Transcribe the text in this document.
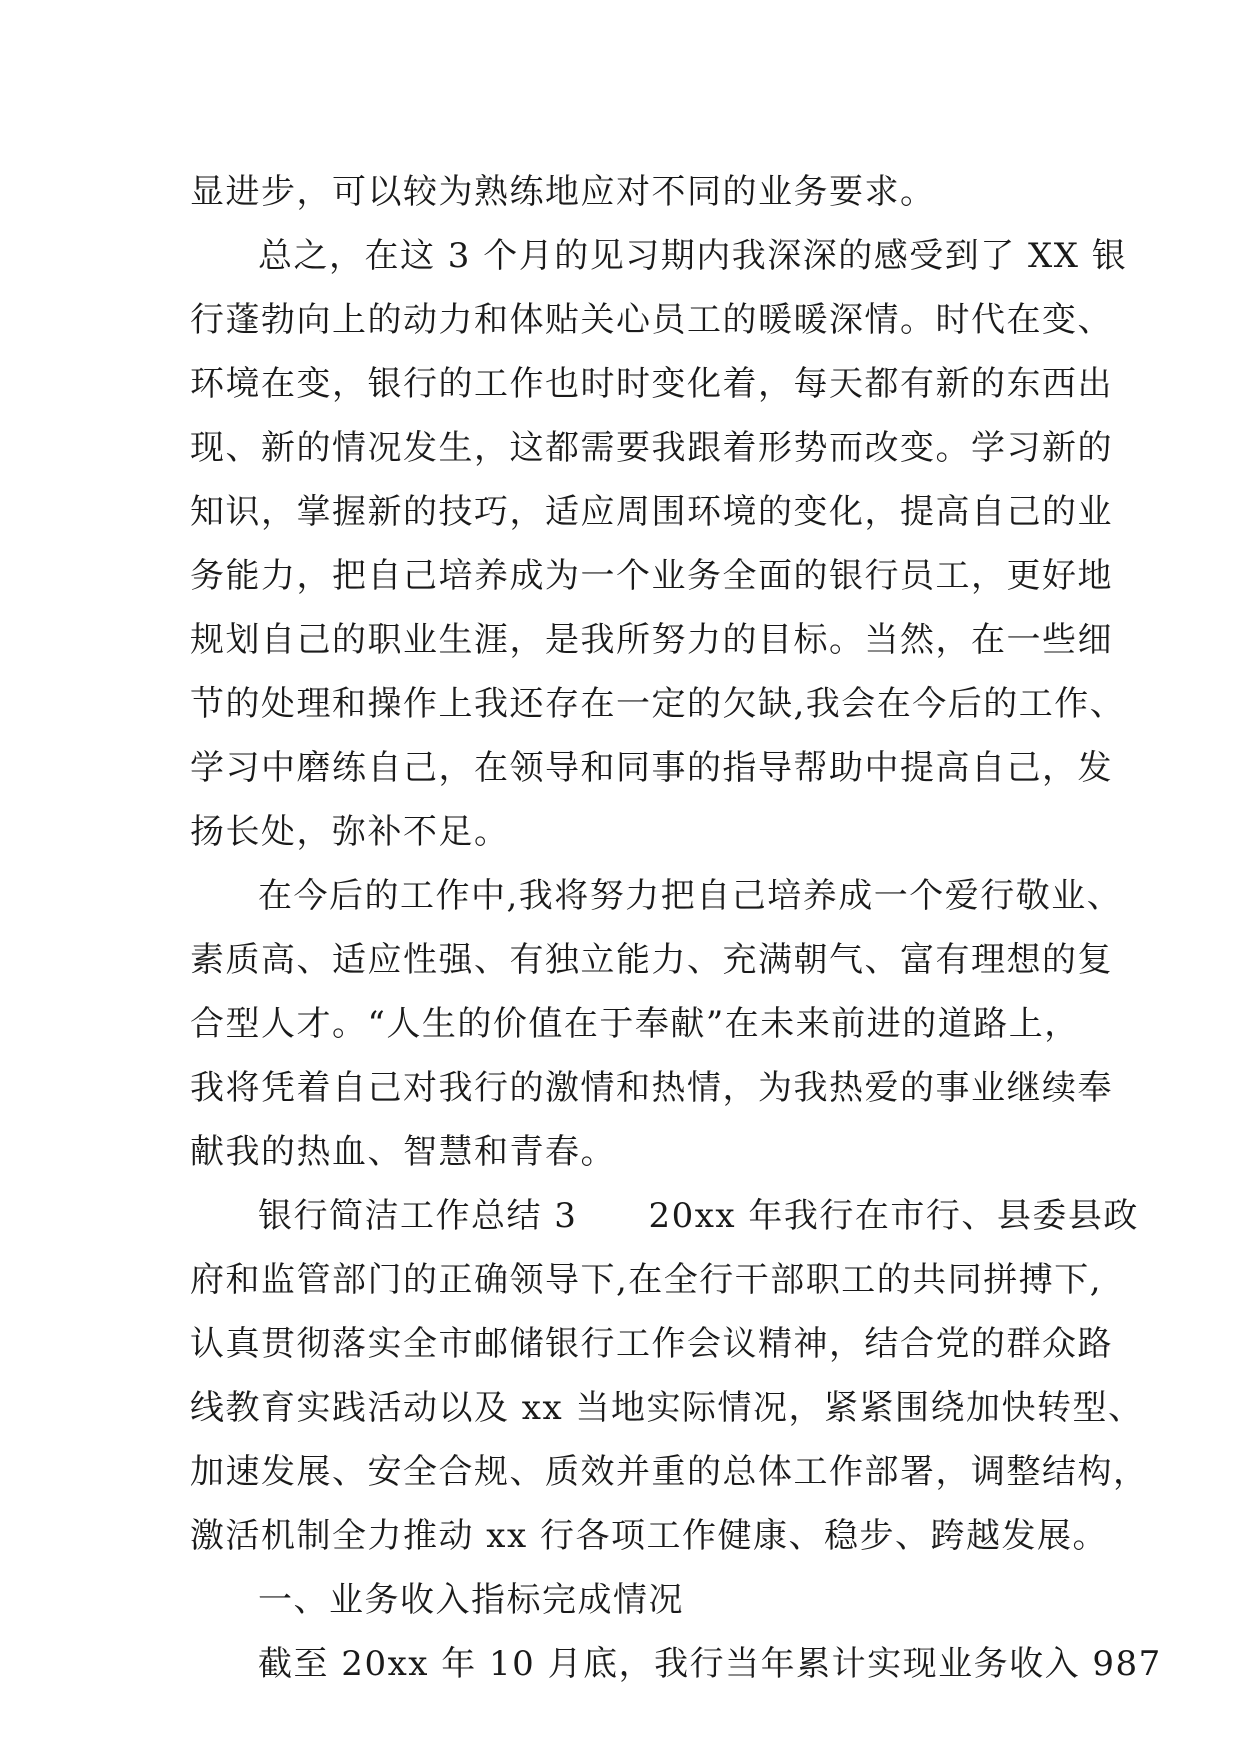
显进步，可以较为熟练地应对不同的业务要求。
总之，在这 3 个月的见习期内我深深的感受到了 XX 银
行蓬勃向上的动力和体贴关心员工的暖暖深情。时代在变、
环境在变，银行的工作也时时变化着，每天都有新的东西出
现、新的情况发生，这都需要我跟着形势而改变。学习新的
知识，掌握新的技巧，适应周围环境的变化，提高自己的业
务能力，把自己培养成为一个业务全面的银行员工，更好地
规划自己的职业生涯，是我所努力的目标。当然，在一些细
节的处理和操作上我还存在一定的欠缺,我会在今后的工作、
学习中磨练自己，在领导和同事的指导帮助中提高自己，发
扬长处，弥补不足。
在今后的工作中,我将努力把自己培养成一个爱行敬业、
素质高、适应性强、有独立能力、充满朝气、富有理想的复
合型人才。“人生的价值在于奉献”在未来前进的道路上，
我将凭着自己对我行的激情和热情，为我热爱的事业继续奉
献我的热血、智慧和青春。
银行简洁工作总结 3　　20xx 年我行在市行、县委县政
府和监管部门的正确领导下,在全行干部职工的共同拼搏下,
认真贯彻落实全市邮储银行工作会议精神，结合党的群众路
线教育实践活动以及 xx 当地实际情况，紧紧围绕加快转型、
加速发展、安全合规、质效并重的总体工作部署，调整结构，
激活机制全力推动 xx 行各项工作健康、稳步、跨越发展。
一、业务收入指标完成情况
截至 20xx 年 10 月底，我行当年累计实现业务收入 987
